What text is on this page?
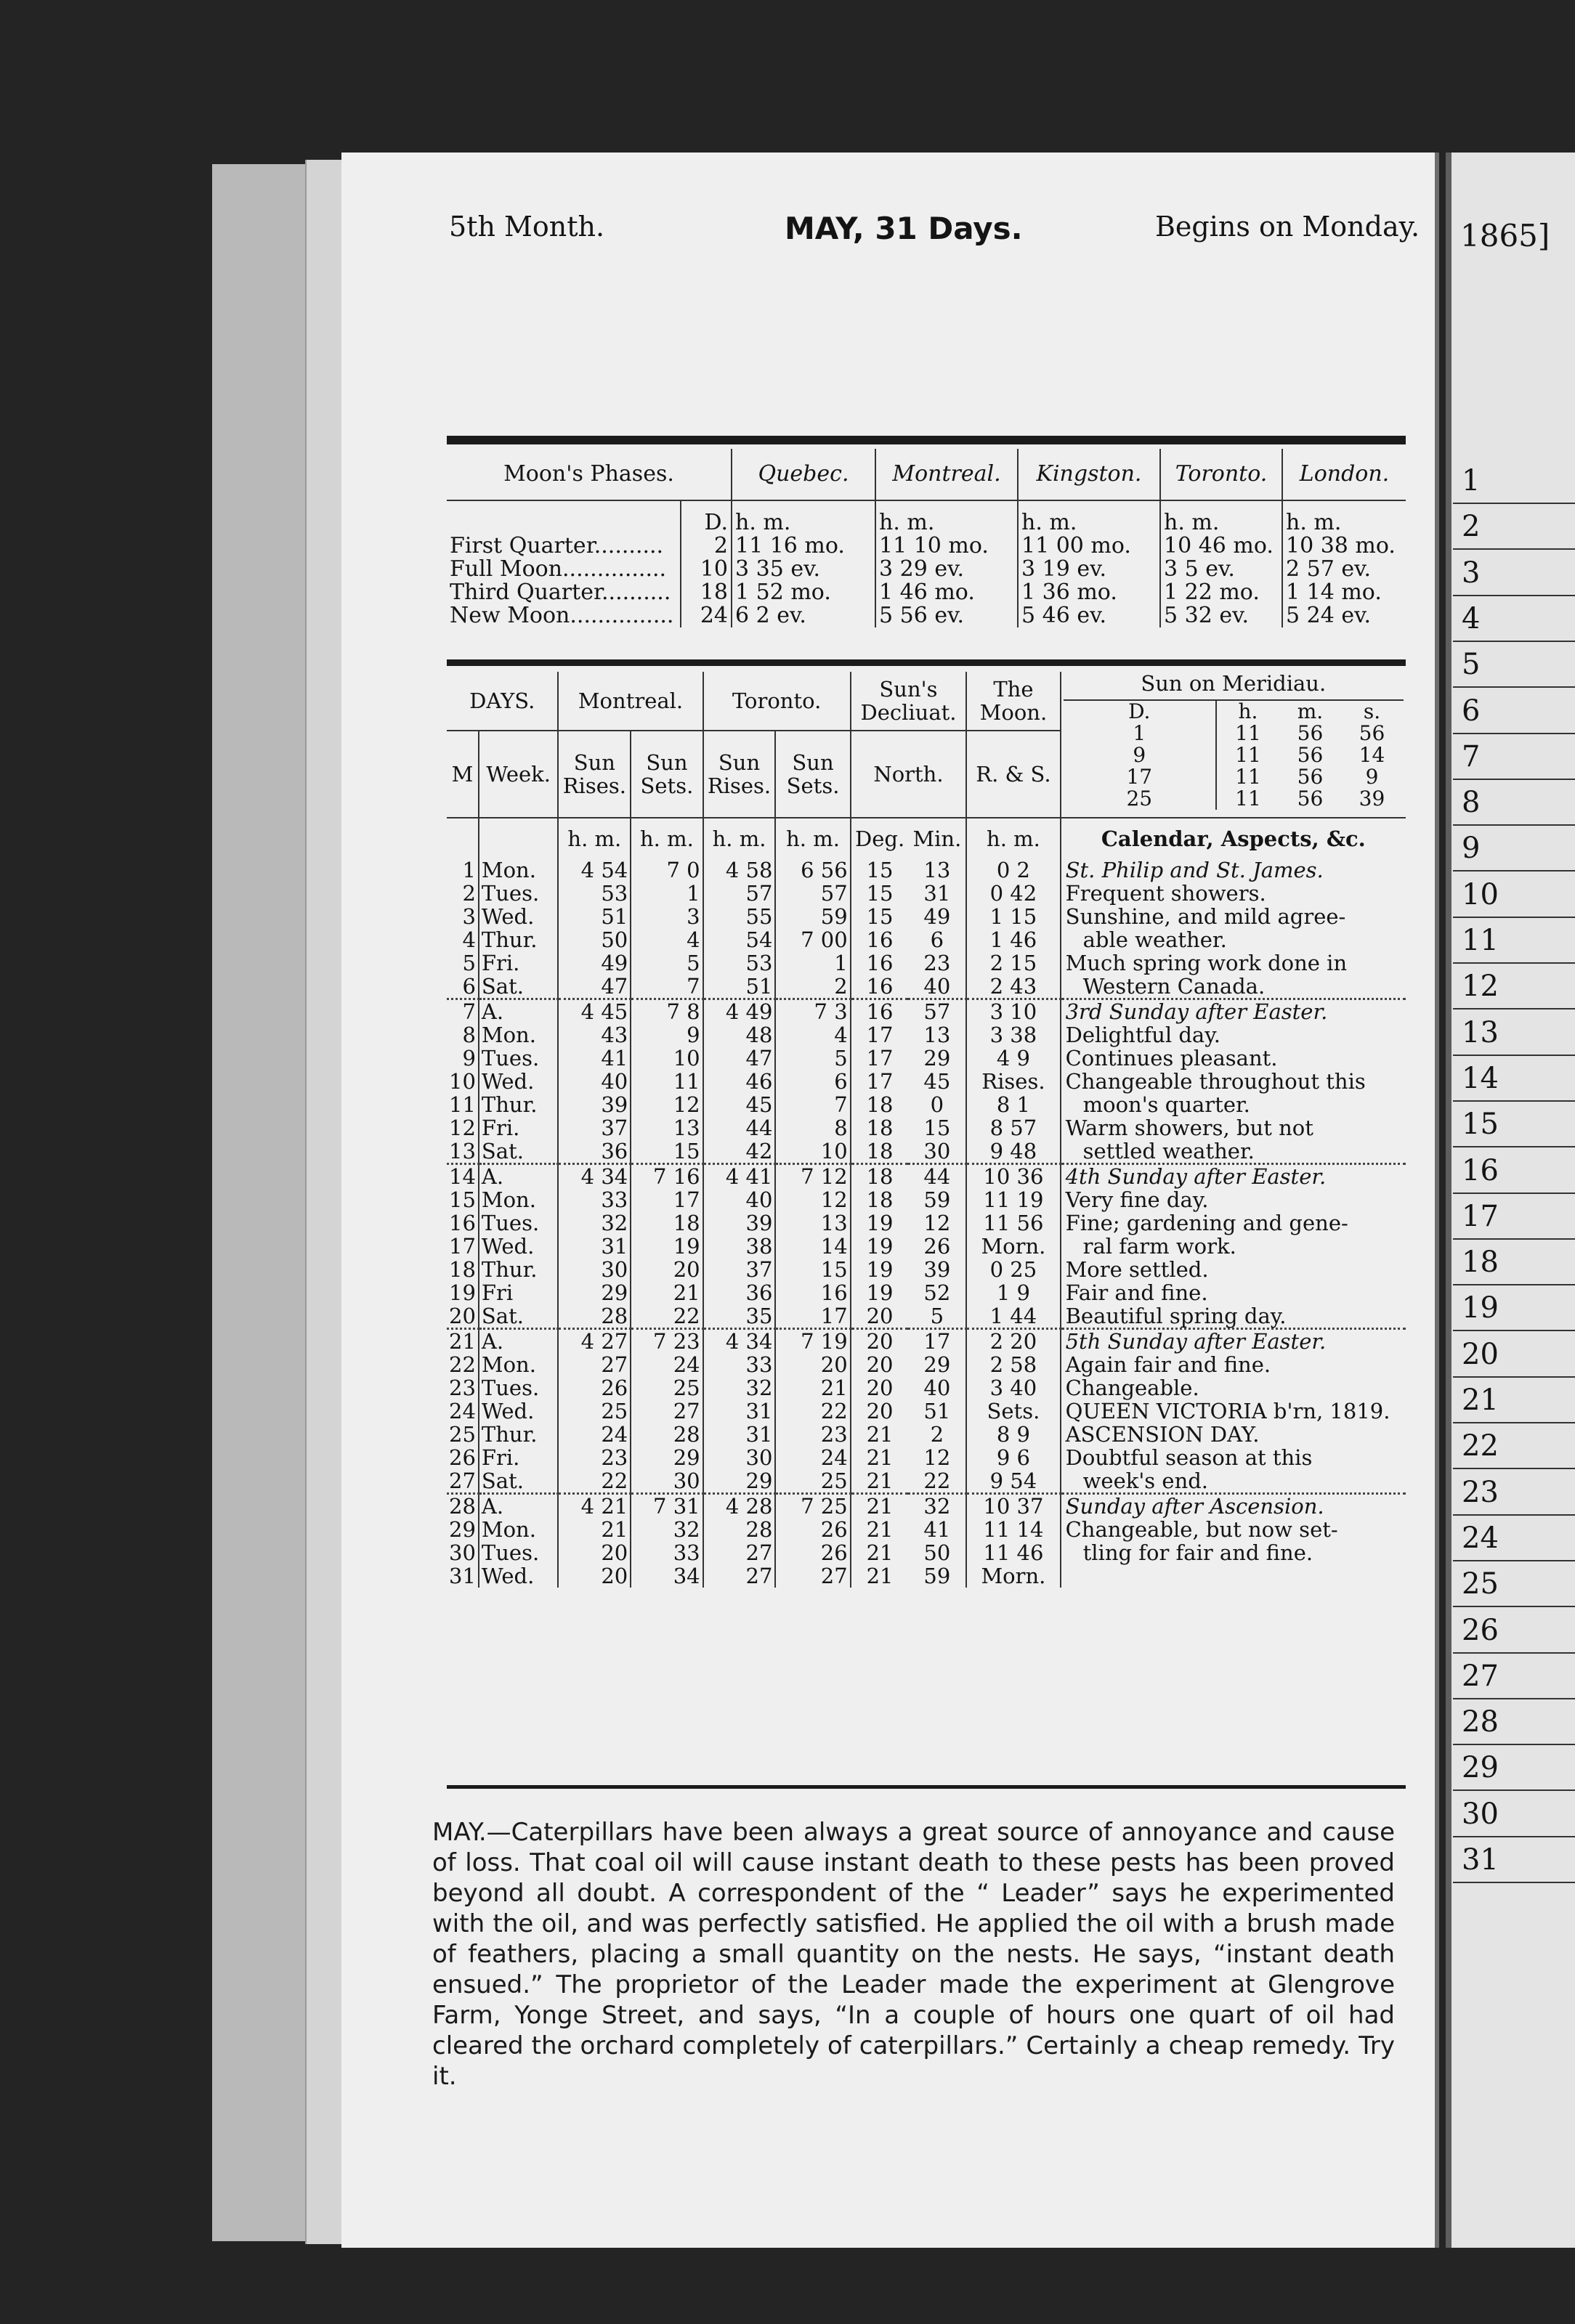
5th Month.	MAY, 31 Days.	Begins on Monday.
Moon's Phases.		Quebec.	Montreal.	Kingston.	Toronto.	London.
	D.	h. m.	h. m.	h. m.	h. m.	h. m.
First Quarter..........	2	11 16 mo.	11 10 mo.	11 00 mo.	10 46 mo.	10 38 mo.
Full Moon...............	10	3 35 ev.	3 29 ev.	3 19 ev.	3 5 ev.	2 57 ev.
Third Quarter..........	18	1 52 mo.	1 46 mo.	1 36 mo.	1 22 mo.	1 14 mo.
New Moon...............	24	6 2 ev.	5 56 ev.	5 46 ev.	5 32 ev.	5 24 ev.
DAYS.	Montreal.	Toronto.	Sun's Decliuat.	The Moon.	
Sun on Meridiau.
D.	h.	m.	s.
1	11	56	56
9	11	56	14
17	11	56	9
25	11	56	39

M	Week.	Sun Rises.	Sun Sets.	Sun Rises.	Sun Sets.	North.	R. & S.
		h. m.	h. m.	h. m.	h. m.	Deg.	Min.	h. m.	Calendar, Aspects, &c.
1	Mon.	4 54	7 0	4 58	6 56	15	13	0 2	St. Philip and St. James.
2	Tues.	53	1	57	57	15	31	0 42	Frequent showers.
3	Wed.	51	3	55	59	15	49	1 15	Sunshine, and mild agree-
4	Thur.	50	4	54	7 00	16	6	1 46	able weather.
5	Fri.	49	5	53	1	16	23	2 15	Much spring work done in
6	Sat.	47	7	51	2	16	40	2 43	Western Canada.
7	A.	4 45	7 8	4 49	7 3	16	57	3 10	3rd Sunday after Easter.
8	Mon.	43	9	48	4	17	13	3 38	Delightful day.
9	Tues.	41	10	47	5	17	29	4 9	Continues pleasant.
10	Wed.	40	11	46	6	17	45	Rises.	Changeable throughout this
11	Thur.	39	12	45	7	18	0	8 1	moon's quarter.
12	Fri.	37	13	44	8	18	15	8 57	Warm showers, but not
13	Sat.	36	15	42	10	18	30	9 48	settled weather.
14	A.	4 34	7 16	4 41	7 12	18	44	10 36	4th Sunday after Easter.
15	Mon.	33	17	40	12	18	59	11 19	Very fine day.
16	Tues.	32	18	39	13	19	12	11 56	Fine; gardening and gene-
17	Wed.	31	19	38	14	19	26	Morn.	ral farm work.
18	Thur.	30	20	37	15	19	39	0 25	More settled.
19	Fri	29	21	36	16	19	52	1 9	Fair and fine.
20	Sat.	28	22	35	17	20	5	1 44	Beautiful spring day.
21	A.	4 27	7 23	4 34	7 19	20	17	2 20	5th Sunday after Easter.
22	Mon.	27	24	33	20	20	29	2 58	Again fair and fine.
23	Tues.	26	25	32	21	20	40	3 40	Changeable.
24	Wed.	25	27	31	22	20	51	Sets.	QUEEN VICTORIA b'rn, 1819.
25	Thur.	24	28	31	23	21	2	8 9	ASCENSION DAY.
26	Fri.	23	29	30	24	21	12	9 6	Doubtful season at this
27	Sat.	22	30	29	25	21	22	9 54	week's end.
28	A.	4 21	7 31	4 28	7 25	21	32	10 37	Sunday after Ascension.
29	Mon.	21	32	28	26	21	41	11 14	Changeable, but now set-
30	Tues.	20	33	27	26	21	50	11 46	tling for fair and fine.
31	Wed.	20	34	27	27	21	59	Morn.	

MAY.—Caterpillars have been always a great source of annoyance and cause of loss. That coal oil will cause instant death to these pests has been proved beyond all doubt. A correspondent of the “ Leader” says he experimented with the oil, and was perfectly satisfied. He applied the oil with a brush made of feathers, placing a small quantity on the nests. He says, “instant death ensued.” The proprietor of the Leader made the experiment at Glengrove Farm, Yonge Street, and says, “In a couple of hours one quart of oil had cleared the orchard completely of caterpillars.” Certainly a cheap remedy. Try it.

1865]
1
2
3
4
5
6
7
8
9
10
11
12
13
14
15
16
17
18
19
20
21
22
23
24
25
26
27
28
29
30
31
